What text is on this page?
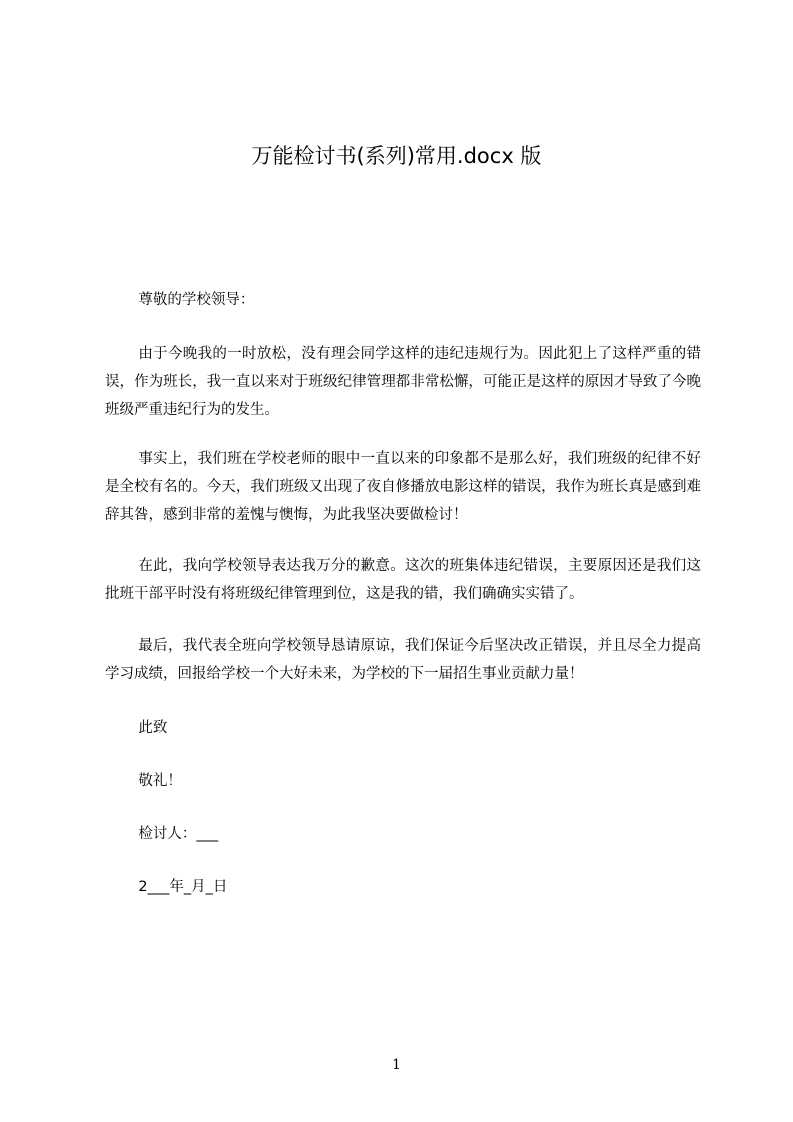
万能检讨书(系列)常用.docx 版
尊敬的学校领导：
由于今晚我的一时放松，没有理会同学这样的违纪违规行为。因此犯上了这样严重的错误，作为班长，我一直以来对于班级纪律管理都非常松懈，可能正是这样的原因才导致了今晚班级严重违纪行为的发生。
事实上，我们班在学校老师的眼中一直以来的印象都不是那么好，我们班级的纪律不好是全校有名的。今天，我们班级又出现了夜自修播放电影这样的错误，我作为班长真是感到难辞其咎，感到非常的羞愧与懊悔，为此我坚决要做检讨！
在此，我向学校领导表达我万分的歉意。这次的班集体违纪错误，主要原因还是我们这批班干部平时没有将班级纪律管理到位，这是我的错，我们确确实实错了。
最后，我代表全班向学校领导恳请原谅，我们保证今后坚决改正错误，并且尽全力提高学习成绩，回报给学校一个大好未来，为学校的下一届招生事业贡献力量！
此致
敬礼！
检讨人：___
2___年_月_日
1
